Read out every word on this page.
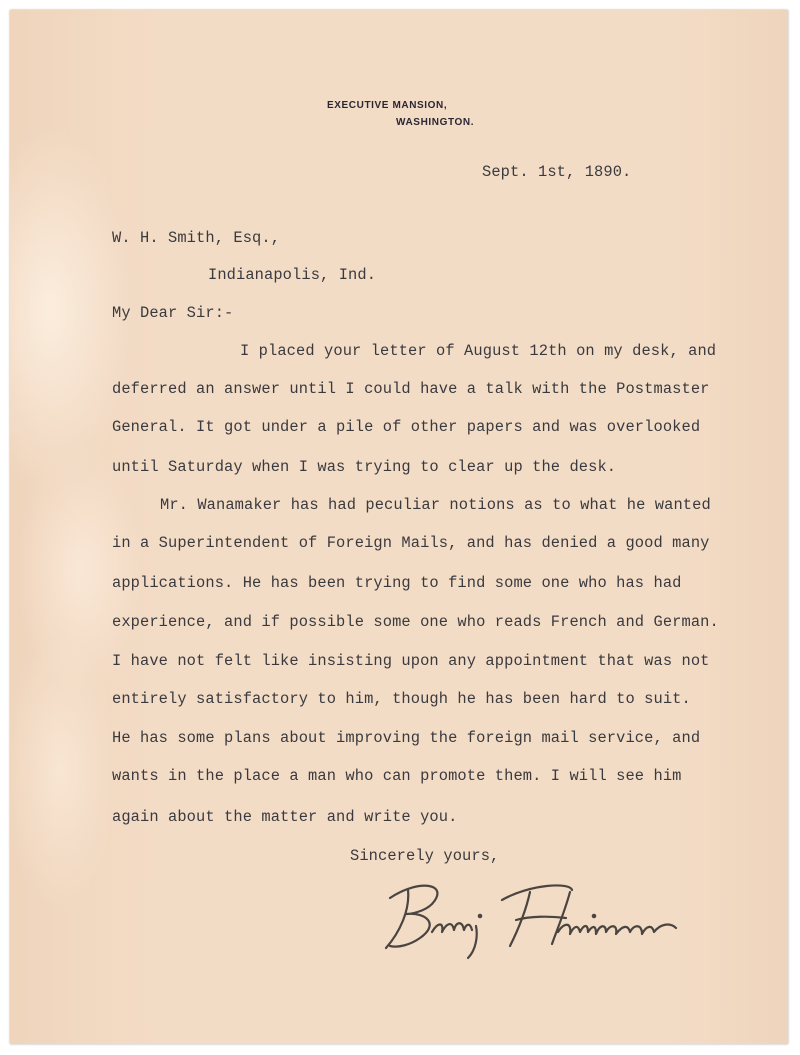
EXECUTIVE MANSION,
WASHINGTON.
Sept. 1st, 1890.
W. H. Smith, Esq.,
Indianapolis, Ind.
My Dear Sir:-
I placed your letter of August 12th on my desk, and
deferred an answer until I could have a talk with the Postmaster
General. It got under a pile of other papers and was overlooked
until Saturday when I was trying to clear up the desk.
Mr. Wanamaker has had peculiar notions as to what he wanted
in a Superintendent of Foreign Mails, and has denied a good many
applications. He has been trying to find some one who has had
experience, and if possible some one who reads French and German.
I have not felt like insisting upon any appointment that was not
entirely satisfactory to him, though he has been hard to suit.
He has some plans about improving the foreign mail service, and
wants in the place a man who can promote them. I will see him
again about the matter and write you.
Sincerely yours,
